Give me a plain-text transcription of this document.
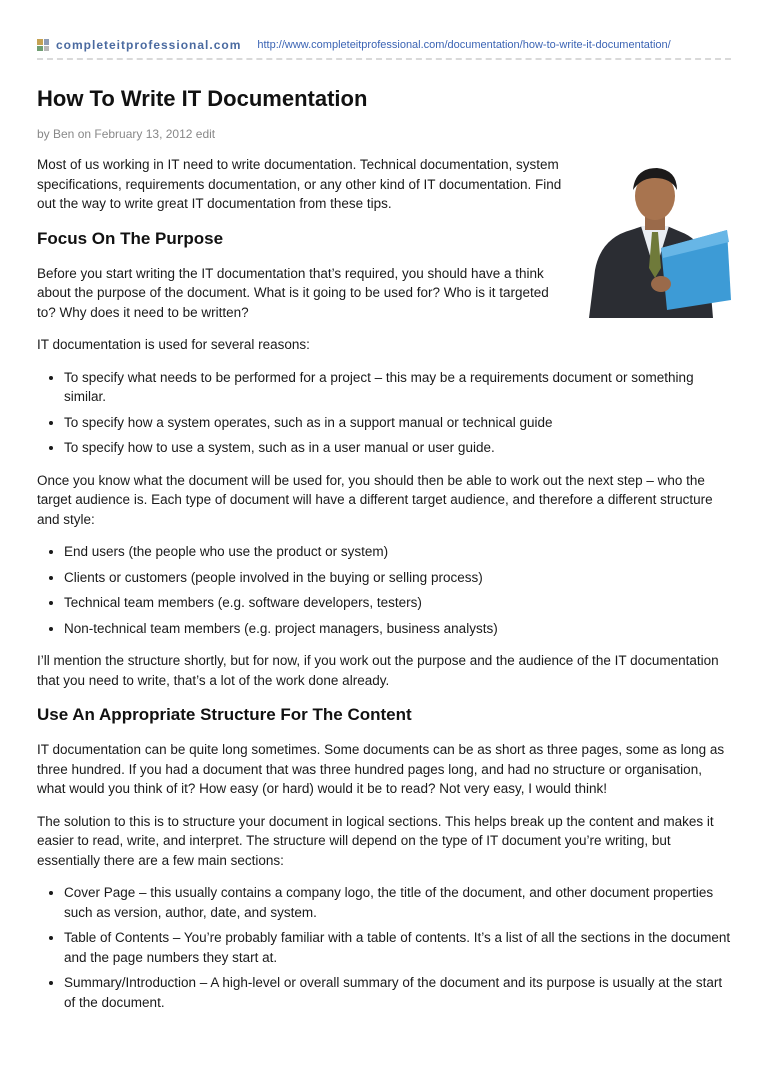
completeitprofessional.com http://www.completeitprofessional.com/documentation/how-to-write-it-documentation/
How To Write IT Documentation
by Ben on February 13, 2012 edit

Most of us working in IT need to write documentation. Technical documentation, system specifications, requirements documentation, or any other kind of IT documentation. Find out the way to write great IT documentation from these tips.

Focus On The Purpose

Before you start writing the IT documentation that’s required, you should have a think about the purpose of the document. What is it going to be used for? Who is it targeted to? Why does it need to be written?

IT documentation is used for several reasons:

• To specify what needs to be performed for a project – this may be a requirements document or something similar.
• To specify how a system operates, such as in a support manual or technical guide
• To specify how to use a system, such as in a user manual or user guide.

Once you know what the document will be used for, you should then be able to work out the next step – who the target audience is. Each type of document will have a different target audience, and therefore a different structure and style:

• End users (the people who use the product or system)
• Clients or customers (people involved in the buying or selling process)
• Technical team members (e.g. software developers, testers)
• Non-technical team members (e.g. project managers, business analysts)

I’ll mention the structure shortly, but for now, if you work out the purpose and the audience of the IT documentation that you need to write, that’s a lot of the work done already.

Use An Appropriate Structure For The Content

IT documentation can be quite long sometimes. Some documents can be as short as three pages, some as long as three hundred. If you had a document that was three hundred pages long, and had no structure or organisation, what would you think of it? How easy (or hard) would it be to read? Not very easy, I would think!

The solution to this is to structure your document in logical sections. This helps break up the content and makes it easier to read, write, and interpret. The structure will depend on the type of IT document you’re writing, but essentially there are a few main sections:

• Cover Page – this usually contains a company logo, the title of the document, and other document properties such as version, author, date, and system.
• Table of Contents – You’re probably familiar with a table of contents. It’s a list of all the sections in the document and the page numbers they start at.
• Summary/Introduction – A high-level or overall summary of the document and its purpose is usually at the start of the document.
